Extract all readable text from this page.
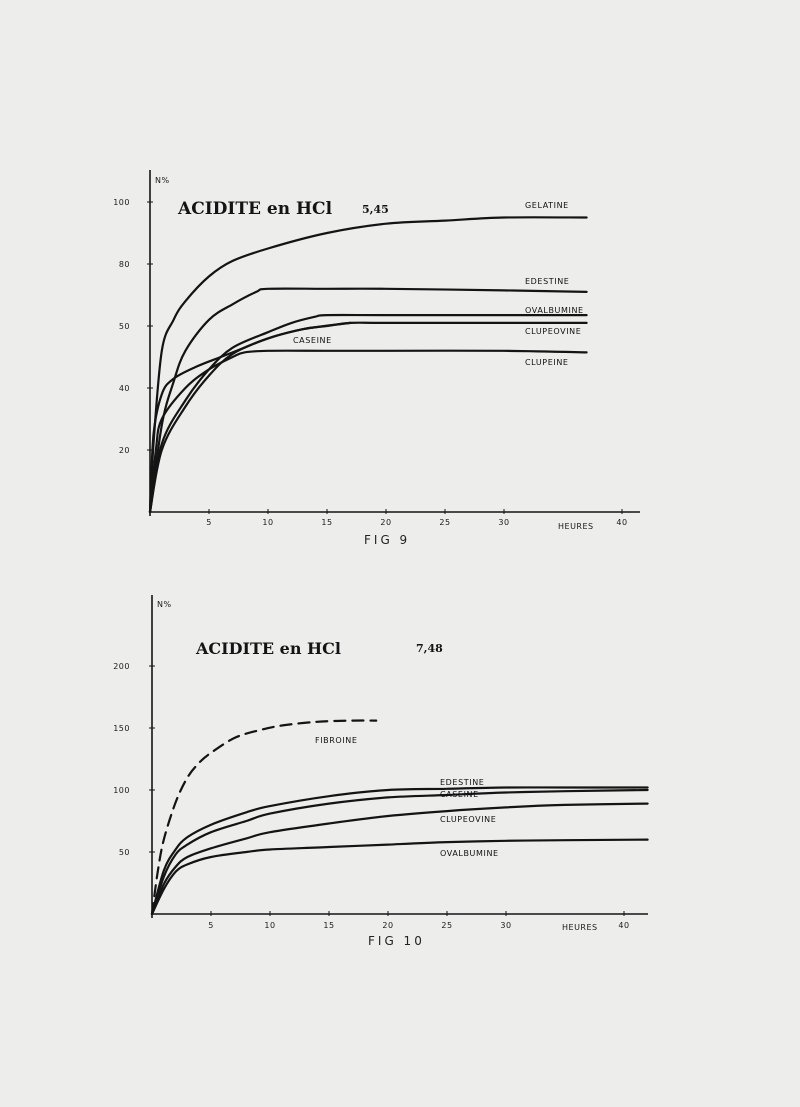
N%
ACIDITE en HCl	5,45
HEURES
FIG 9
N%
ACIDITE en HCl	7,48
HEURES
FIG 10
5	10	15	20	25	30	40
20
40
50
80
100	GELATINE
EDESTINE
OVALBUMINE
CLUPEOVINE
CASEINE
CLUPEINE
5	10	15	20	25	30	40
50
100
150
200
FIBROINE
EDESTINE
CASEINE
CLUPEOVINE
OVALBUMINE
